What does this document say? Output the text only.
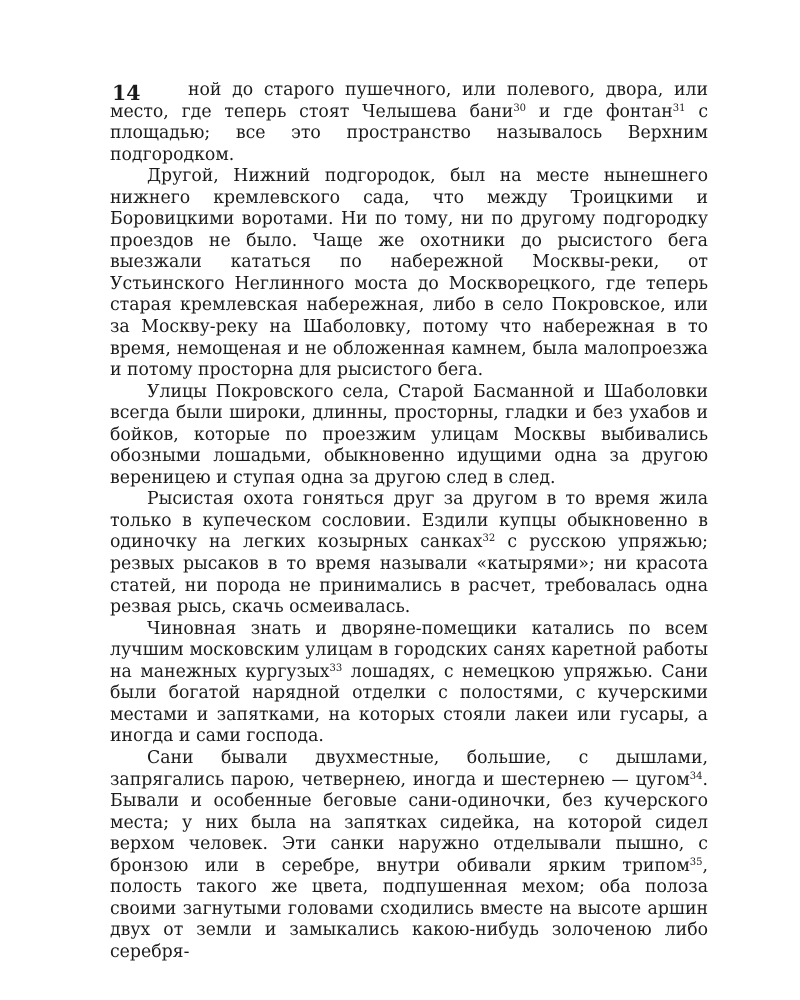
14	ной до старого пушечного, или полевого, двора, или место, где теперь стоят Челышева бани$^{30}$ и где фонтан$^{31}$ с площадью; все это пространство называлось Верхним подгородком.

Другой, Нижний подгородок, был на месте нынешнего нижнего кремлевского сада, что между Троицкими и Боровицкими воротами. Ни по тому, ни по другому подгородку проездов не было. Чаще же охотники до рысистого бега выезжали кататься по набережной Москвы-реки, от Устьинского Неглинного моста до Москворецкого, где теперь старая кремлевская набережная, либо в село Покровское, или за Москву-реку на Шаболовку, потому что набережная в то время, немощеная и не обложенная камнем, была малопроезжа и потому просторна для рысистого бега.

Улицы Покровского села, Старой Басманной и Шаболовки всегда были широки, длинны, просторны, гладки и без ухабов и бойков, которые по проезжим улицам Москвы выбивались обозными лошадьми, обыкновенно идущими одна за другою вереницею и ступая одна за другою след в след.

Рысистая охота гоняться друг за другом в то время жила только в купеческом сословии. Ездили купцы обыкновенно в одиночку на легких козырных санках$^{32}$ с русскою упряжью; резвых рысаков в то время называли «катырями»; ни красота статей, ни порода не принимались в расчет, требовалась одна резвая рысь, скачь осмеивалась.

Чиновная знать и дворяне-помещики катались по всем лучшим московским улицам в городских санях каретной работы на манежных кургузых$^{33}$ лошадях, с немецкою упряжью. Сани были богатой нарядной отделки с полостями, с кучерскими местами и запятками, на которых стояли лакеи или гусары, а иногда и сами господа.

Сани бывали двухместные, большие, с дышлами, запрягались парою, четвернею, иногда и шестернею — цугом$^{34}$. Бывали и особенные беговые сани-одиночки, без кучерского места; у них была на запятках сидейка, на которой сидел верхом человек. Эти санки наружно отделывали пышно, с бронзою или в серебре, внутри обивали ярким трипом$^{35}$, полость такого же цвета, подпушенная мехом; оба полоза своими загнутыми головами сходились вместе на высоте аршин двух от земли и замыкались какою-нибудь золоченою либо серебря-
